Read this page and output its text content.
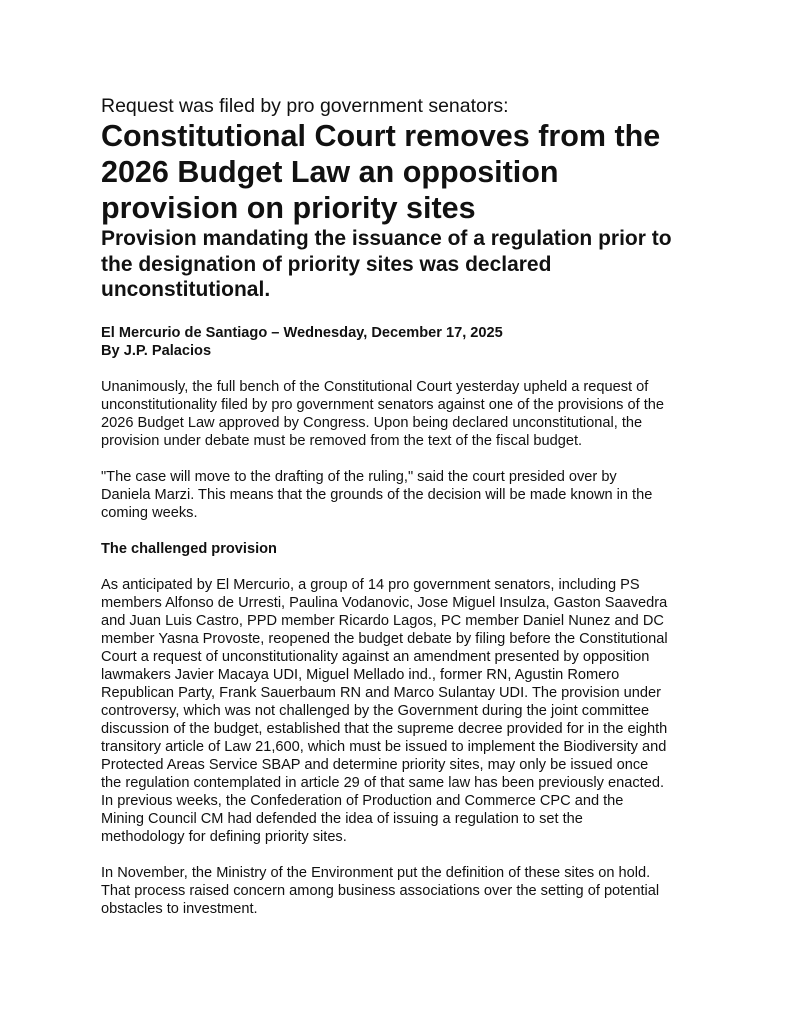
Request was filed by pro government senators:

Constitutional Court removes from the
2026 Budget Law an opposition
provision on priority sites
Provision mandating the issuance of a regulation prior to
the designation of priority sites was declared
unconstitutional.
El Mercurio de Santiago – Wednesday, December 17, 2025
By J.P. Palacios

Unanimously, the full bench of the Constitutional Court yesterday upheld a request of
unconstitutionality filed by pro government senators against one of the provisions of the
2026 Budget Law approved by Congress. Upon being declared unconstitutional, the
provision under debate must be removed from the text of the fiscal budget.

"The case will move to the drafting of the ruling," said the court presided over by
Daniela Marzi. This means that the grounds of the decision will be made known in the
coming weeks.

The challenged provision

As anticipated by El Mercurio, a group of 14 pro government senators, including PS
members Alfonso de Urresti, Paulina Vodanovic, Jose Miguel Insulza, Gaston Saavedra
and Juan Luis Castro, PPD member Ricardo Lagos, PC member Daniel Nunez and DC
member Yasna Provoste, reopened the budget debate by filing before the Constitutional
Court a request of unconstitutionality against an amendment presented by opposition
lawmakers Javier Macaya UDI, Miguel Mellado ind., former RN, Agustin Romero
Republican Party, Frank Sauerbaum RN and Marco Sulantay UDI. The provision under
controversy, which was not challenged by the Government during the joint committee
discussion of the budget, established that the supreme decree provided for in the eighth
transitory article of Law 21,600, which must be issued to implement the Biodiversity and
Protected Areas Service SBAP and determine priority sites, may only be issued once
the regulation contemplated in article 29 of that same law has been previously enacted.
In previous weeks, the Confederation of Production and Commerce CPC and the
Mining Council CM had defended the idea of issuing a regulation to set the
methodology for defining priority sites.

In November, the Ministry of the Environment put the definition of these sites on hold.
That process raised concern among business associations over the setting of potential
obstacles to investment.
